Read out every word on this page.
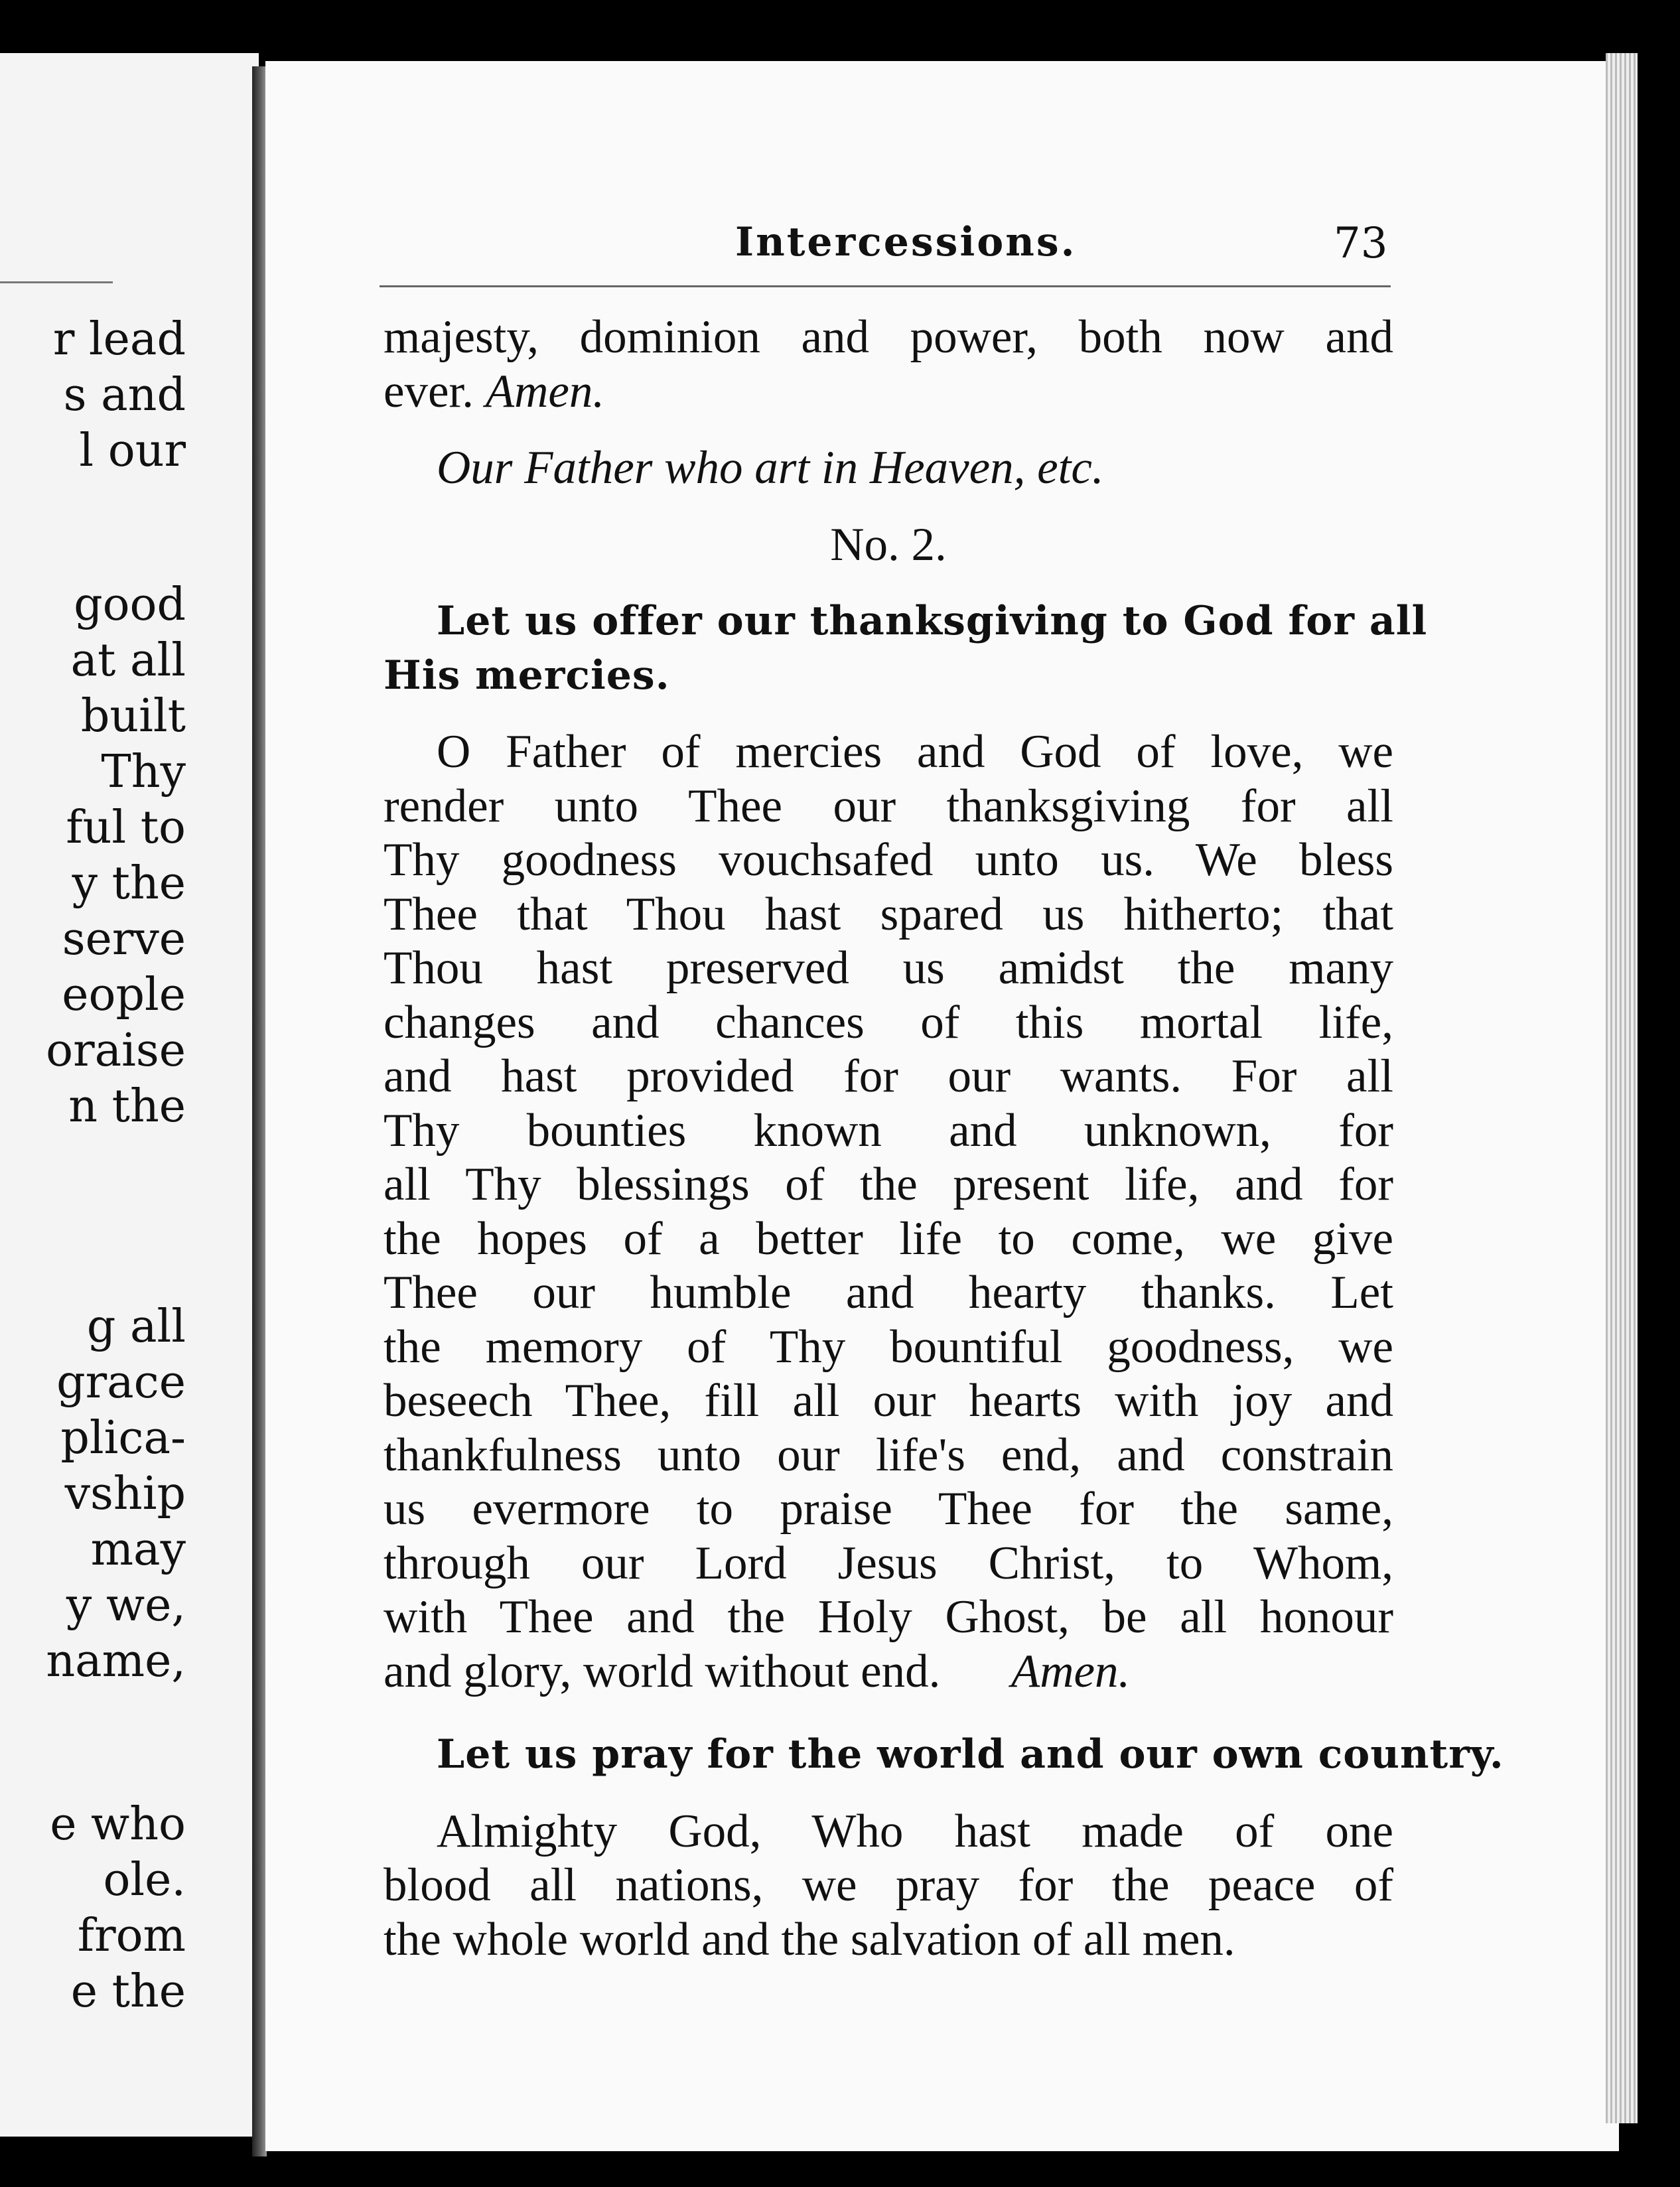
r lead
s and
l our
good
at all
built
Thy
ful to
y the
serve
eople
oraise
n the
g all
grace
plica-
vship
may
y we,
name,
e who
ole.
from
e the
Intercessions.	73
majesty, dominion and power, both now and
ever. Amen.
Our Father who art in Heaven, etc.
No. 2.
Let us offer our thanksgiving to God for all
His mercies.
O Father of mercies and God of love, we
render unto Thee our thanksgiving for all
Thy goodness vouchsafed unto us. We bless
Thee that Thou hast spared us hitherto; that
Thou hast preserved us amidst the many
changes and chances of this mortal life,
and hast provided for our wants. For all
Thy bounties known and unknown, for
all Thy blessings of the present life, and for
the hopes of a better life to come, we give
Thee our humble and hearty thanks. Let
the memory of Thy bountiful goodness, we
beseech Thee, fill all our hearts with joy and
thankfulness unto our life's end, and constrain
us evermore to praise Thee for the same,
through our Lord Jesus Christ, to Whom,
with Thee and the Holy Ghost, be all honour
and glory, world without end.   Amen.
Let us pray for the world and our own country.
Almighty God, Who hast made of one
blood all nations, we pray for the peace of
the whole world and the salvation of all men.
